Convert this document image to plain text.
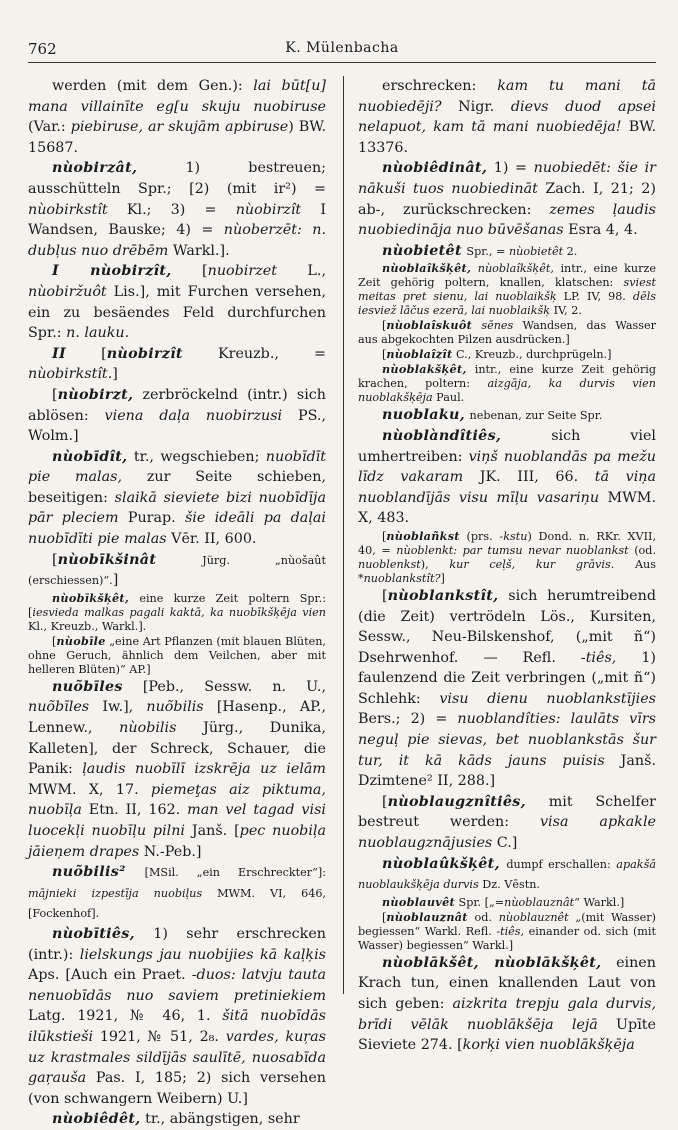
762	K. Mülenbacha

werden (mit dem Gen.): lai būt[u] mana villainīte eg[u skuju nuobiruse (Var.: piebiruse, ar skujām apbiruse) BW. 15687.

nùobirzât, 1) bestreuen; ausschütteln Spr.; [2) (mit ir²) = nùobirkstît Kl.; 3) = nùobirzît I Wandsen, Bauske; 4) = nùoberzēt: n. dubļus nuo drēbēm Warkl.].

I nùobirzît, [nuobirzet L., nùobiržuôt Lis.], mit Furchen versehen, ein zu besäendes Feld durchfurchen Spr.: n. lauku.

II [nùobirzît Kreuzb., = nùobirkstît.]

[nùobirzt, zerbröckelnd (intr.) sich ablösen: viena daļa nuobirzusi PS., Wolm.]

nùobīdît, tr., wegschieben; nuobīdīt pie malas, zur Seite schieben, beseitigen: slaikā sieviete bizi nuobīdīja pār pleciem Purap. šie ideāli pa daļai nuobīdīti pie malas Vēr. II, 600.

[nùobīkšinât	Jürg. „nùošaût (erschiessen)“.]

nùobīkšķêt, eine kurze Zeit poltern Spr.: [iesvieda malkas pagali kaktā, ka nuobīkšķēja vien Kl., Kreuzb., Warkl.].

[nùobīle „eine Art Pflanzen (mit blauen Blüten, ohne Geruch, ähnlich dem Veilchen, aber mit helleren Blüten)“ AP.]

nuõbīles [Peb., Sessw. n. U., nuõbīles Iw.], nuõbilis [Hasenp., AP., Lennew., nùobilis Jürg., Dunika, Kalleten], der Schreck, Schauer, die Panik: ļaudis nuobīlī izskrēja uz ielām MWM. X, 17. piemeţas aiz piktuma, nuobīļa Etn. II, 162. man vel tagad visi luocekļi nuobīļu pilni Janš. [pec nuobiļa jāieņem drapes N.-Peb.]

nuõbilis² [MSil. „ein Erschreckter“]: mājnieki izpestīja nuobiļus MWM. VI, 646, [Fockenhof].

nùobītiês, 1) sehr erschrecken (intr.): lielskungs jau nuobijies kā kaļķis Aps. [Auch ein Praet. -duos: latvju tauta nenuobīdās nuo saviem pretiniekiem Latg. 1921, № 46, 1. šitā nuobīdās ilūkstieši 1921, № 51, 2₈. vardes, kuŗas uz krastmales sildījās saulītē, nuosabīda gaŗauša Pas. I, 185; 2) sich versehen (von schwangern Weibern) U.]

nùobiêdêt, tr., abängstigen, sehr

erschrecken: kam tu mani tā nuobiedēji? Nigr. dievs duod apsei nelapuot, kam tā mani nuobiedēja! BW. 13376.

nùobiêdinât, 1) = nuobiedēt: šie ir nākuši tuos nuobiedināt Zach. I, 21; 2) ab-, zurückschrecken: zemes ļaudis nuobiedināja nuo būvēšanas Esra 4, 4.

nùobietêt Spr., = nùobietêt 2.

nùoblaîkšķêt, nùoblaîkšķêt, intr., eine kurze Zeit gehörig poltern, knallen, klatschen: sviest meitas pret sienu, lai nuoblaikšķ LP. IV, 98. dēls iesviež lāčus ezerā, lai nuoblaikšķ IV, 2.

[nùoblaîskuôt sēnes Wandsen, das Wasser aus abgekochten Pilzen ausdrücken.]

[nùoblaîzît C., Kreuzb., durchprügeln.]

nùoblakšķêt, intr., eine kurze Zeit gehörig krachen, poltern: aizgāja, ka durvis vien nuoblakšķēja Paul.

nuoblaku, nebenan, zur Seite Spr.

nùoblàndîtiês, sich viel umhertreiben: viņš nuoblandās pa mežu līdz vakaram JK. III, 66. tā viņa nuoblandījās visu mīļu vasariņu MWM. X, 483.

[nùoblañkst (prs. -kstu) Dond. n. RKr. XVII, 40, = nùoblenkt: par tumsu nevar nuoblankst (od. nuoblenkst), kur cеļš, kur grāvis. Aus *nuoblankstît?]

[nùoblankstît, sich herumtreibend (die Zeit) vertrödeln Lös., Kursiten, Sessw., Neu-Bilskenshof, („mit ñ“) Dsehrwenhof. — Refl. -tiês, 1) faulenzend die Zeit verbringen („mit ñ“) Schlehk: visu dienu nuoblankstījies Bers.; 2) = nuoblandîties: laulāts vīrs neguļ pie sievas, bet nuoblankstās šur tur, it kā kāds jauns puisis Janš. Dzimtene² II, 288.]

[nùoblaugznîtiês, mit Schelfer bestreut werden: visa apkakle nuoblaugznājusies C.]

nùoblaûkšķêt, dumpf erschallen: apakšā nuoblaukšķēja durvis Dz. Vēstn.

nùoblauvêt Spr. [„=nùoblauznât“ Warkl.]

[nùoblauznât od. nùoblauznêt „(mit Wasser) begiessen“ Warkl. Refl. -tiês, einander od. sich (mit Wasser) begiessen“ Warkl.]

nùoblākšêt, nùoblākšķêt, einen Krach tun, einen knallenden Laut von sich geben: aizkrita trepju gala durvis, brīdi vēlāk nuoblākšēja lejā Upīte Sieviete 274. [korķi vien nuoblākšķēja
